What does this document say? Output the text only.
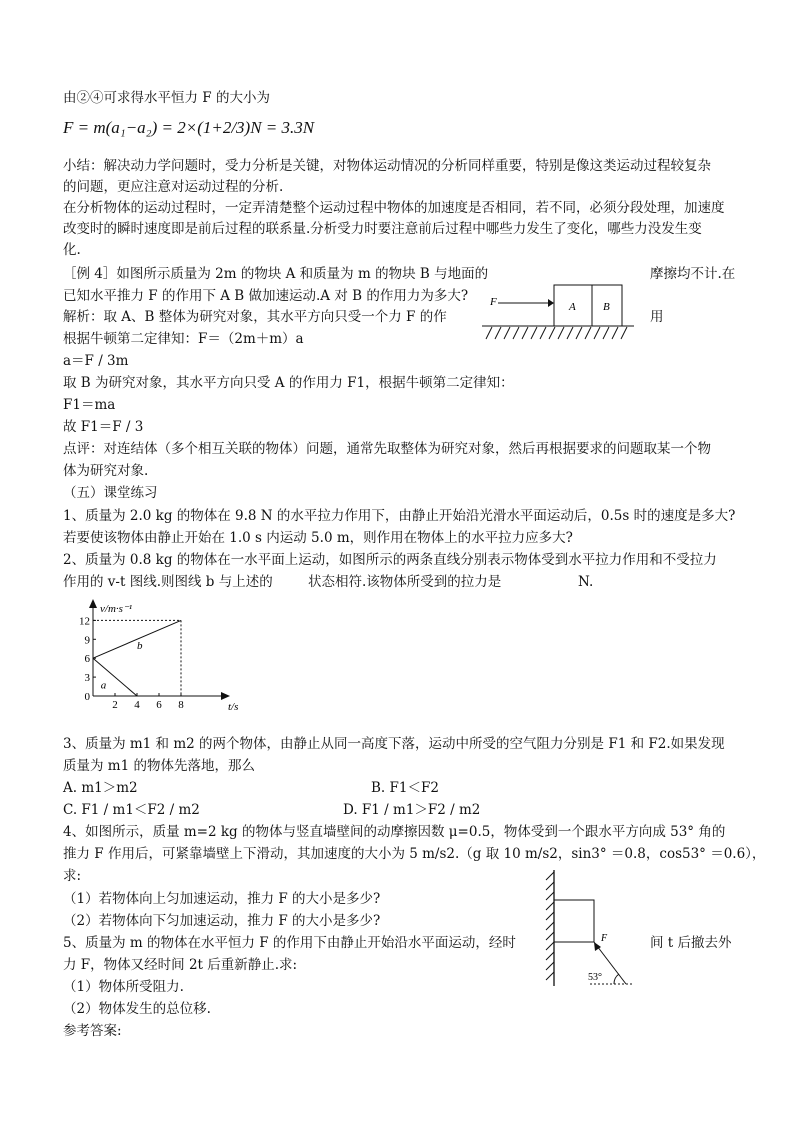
由②④可求得水平恒力 F 的大小为
F = m(a₁−a₂) = 2×(1+2/3)N = 3.3N
小结：解决动力学问题时，受力分析是关键，对物体运动情况的分析同样重要，特别是像这类运动过程较复杂
的问题，更应注意对运动过程的分析.
在分析物体的运动过程时，一定弄清楚整个运动过程中物体的加速度是否相同，若不同，必须分段处理，加速度
改变时的瞬时速度即是前后过程的联系量.分析受力时要注意前后过程中哪些力发生了变化，哪些力没发生变
化.
［例 4］如图所示质量为 2m 的物块 A 和质量为 m 的物块 B 与地面的	摩擦均不计.在
已知水平推力 F 的作用下 A B 做加速运动.A 对 B 的作用力为多大?
解析：取 A、B 整体为研究对象，其水平方向只受一个力 F 的作	用
根据牛顿第二定律知：F＝（2m＋m）a
a＝F / 3m
取 B 为研究对象，其水平方向只受 A 的作用力 F1，根据牛顿第二定律知：
F1＝ma
故 F1＝F / 3
点评：对连结体（多个相互关联的物体）问题，通常先取整体为研究对象，然后再根据要求的问题取某一个物
体为研究对象.
（五）课堂练习
1、质量为 2.0 kg 的物体在 9.8 N 的水平拉力作用下，由静止开始沿光滑水平面运动后，0.5s 时的速度是多大?
若要使该物体由静止开始在 1.0 s 内运动 5.0 m，则作用在物体上的水平拉力应多大?
2、质量为 0.8 kg 的物体在一水平面上运动，如图所示的两条直线分别表示物体受到水平拉力作用和不受拉力
作用的 v-t 图线.则图线 b 与上述的	状态相符.该物体所受到的拉力是	N.
3、质量为 m1 和 m2 的两个物体，由静止从同一高度下落，运动中所受的空气阻力分别是 F1 和 F2.如果发现
质量为 m1 的物体先落地，那么
A. m1＞m2	B. F1＜F2
C. F1 / m1＜F2 / m2	D. F1 / m1＞F2 / m2
4、如图所示，质量 m=2 kg 的物体与竖直墙壁间的动摩擦因数 μ=0.5，物体受到一个跟水平方向成 53° 角的
推力 F 作用后，可紧靠墙壁上下滑动，其加速度的大小为 5 m/s2.（g 取 10 m/s2，sin3° ＝0.8，cos53° ＝0.6），
求:
（1）若物体向上匀加速运动，推力 F 的大小是多少?
（2）若物体向下匀加速运动，推力 F 的大小是多少?
5、质量为 m 的物体在水平恒力 F 的作用下由静止开始沿水平面运动，经时	间 t 后撤去外
力 F，物体又经时间 2t 后重新静止.求:
（1）物体所受阻力.
（2）物体发生的总位移.
参考答案:
F	A B
v/m·s⁻¹
t/s
12
9
6
3
0
2 4 6 8
a
b
F
53°
